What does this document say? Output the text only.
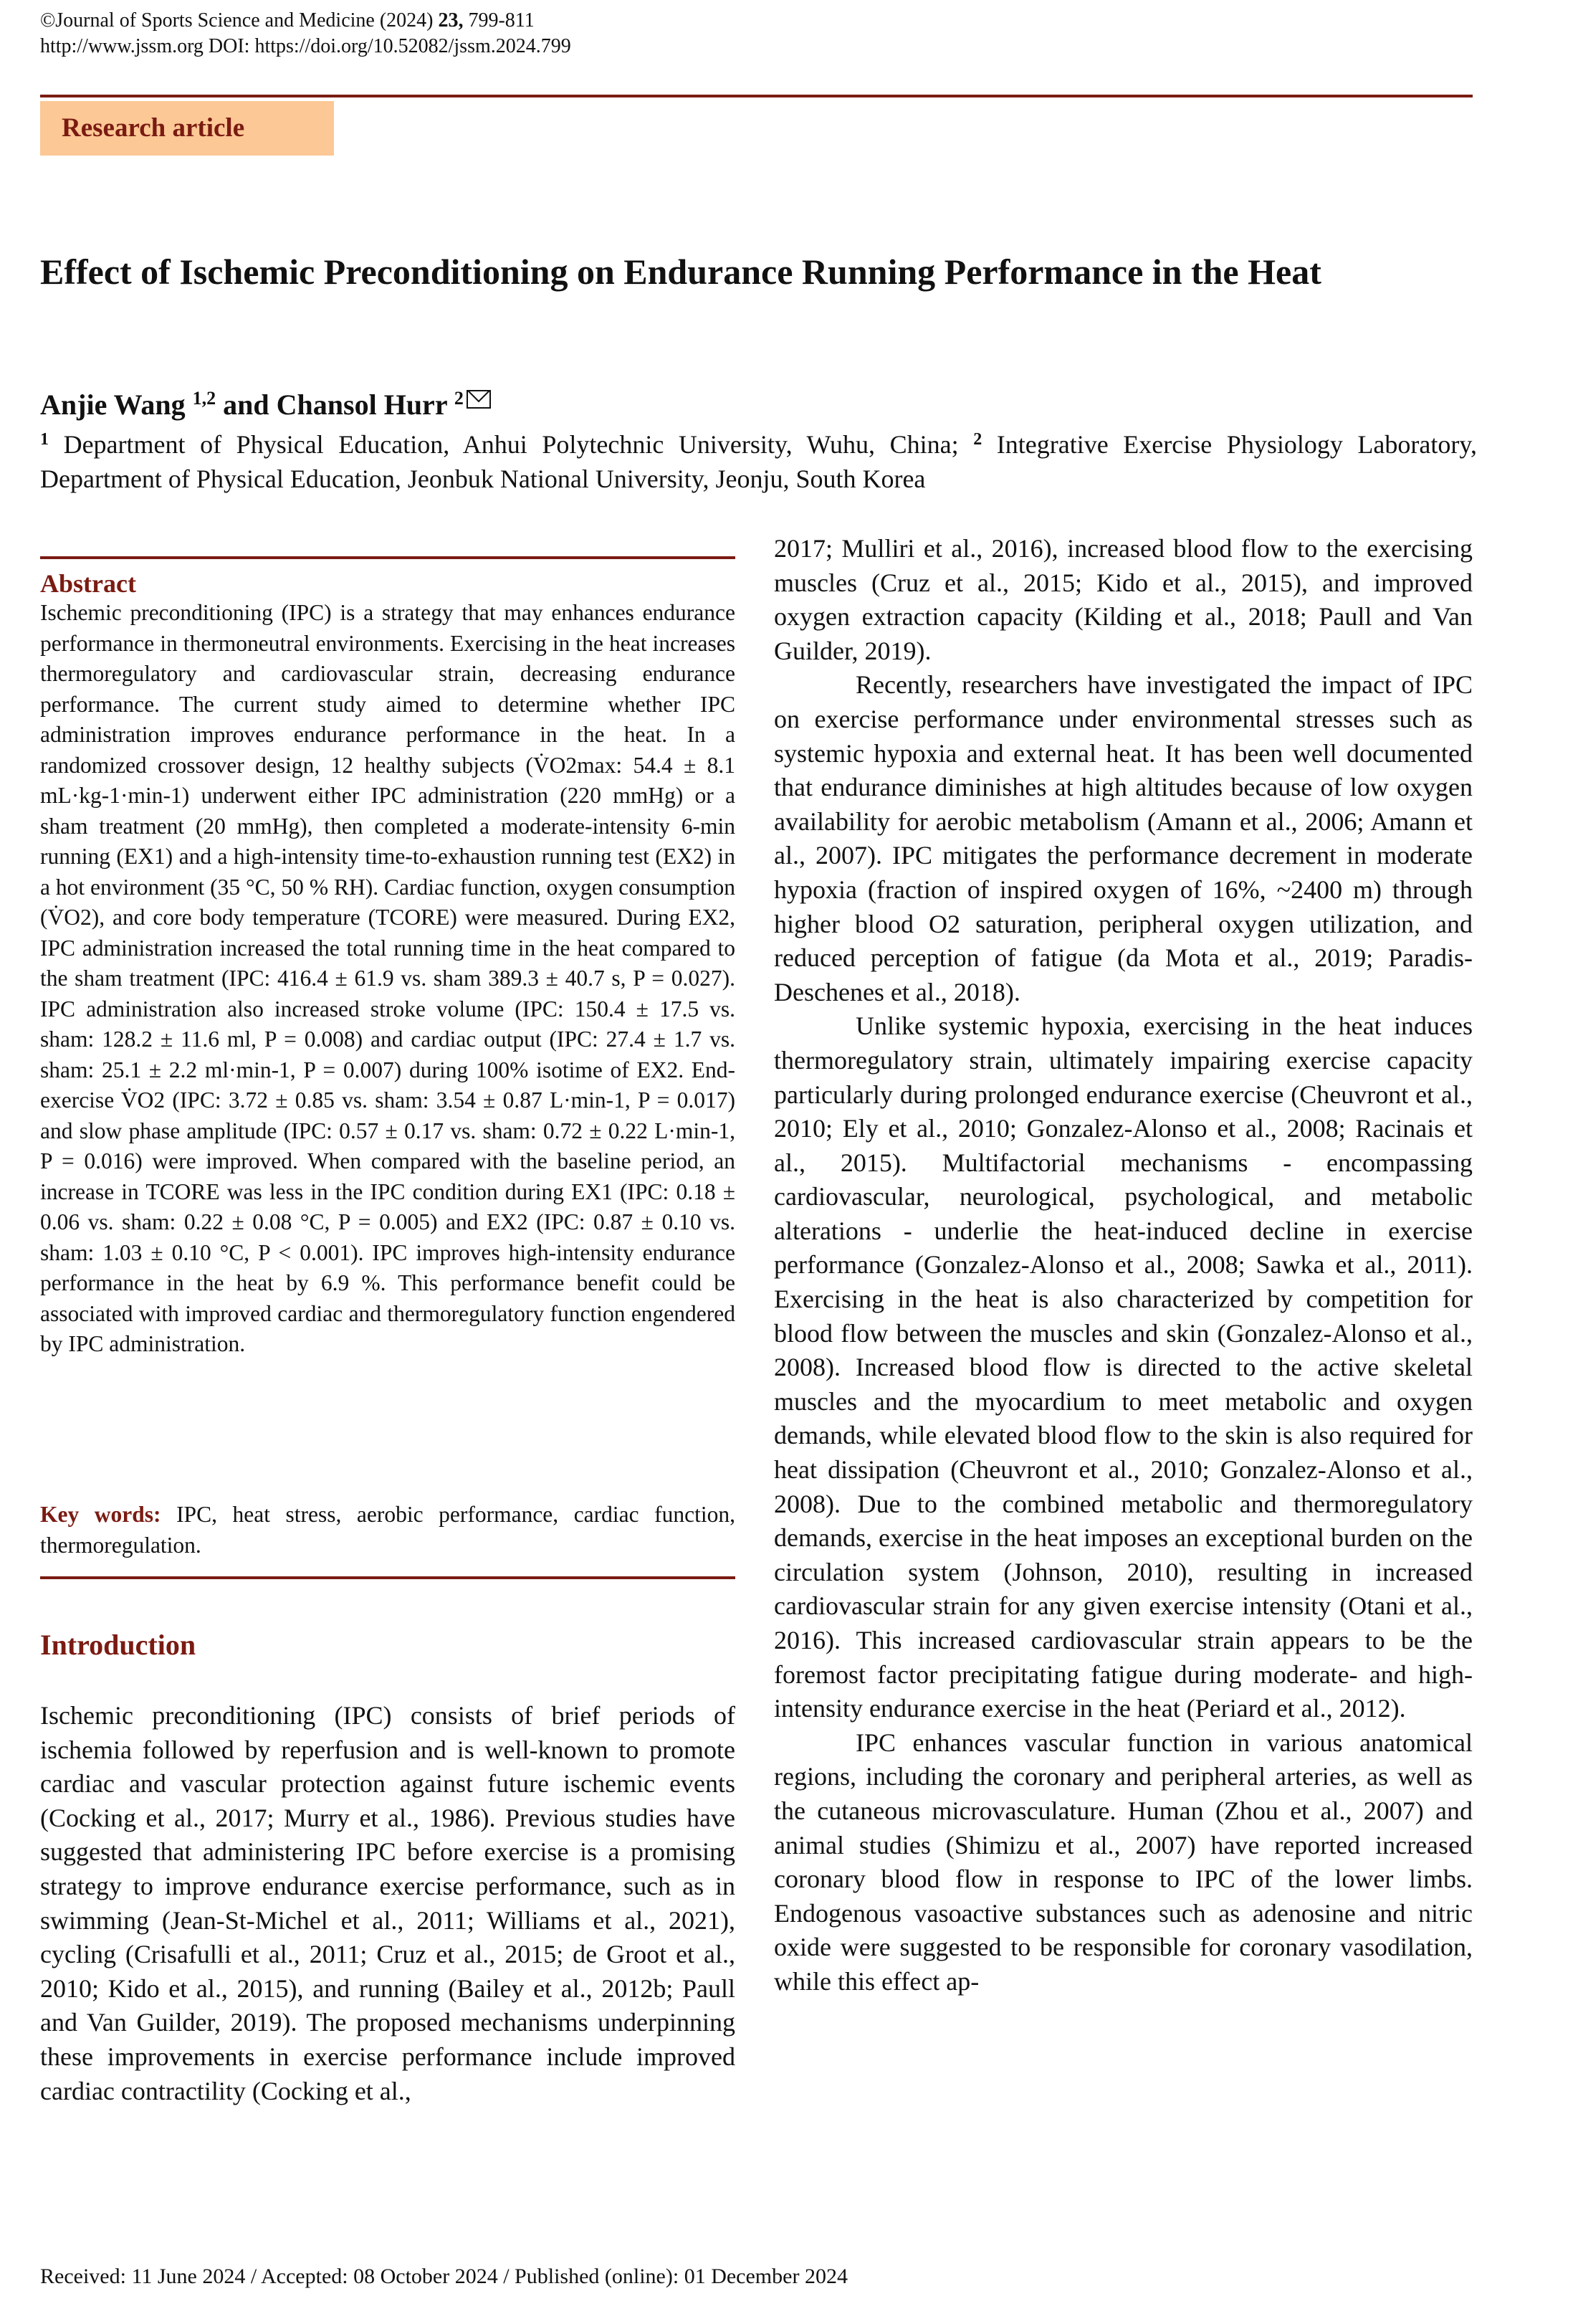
©Journal of Sports Science and Medicine (2024) 23, 799-811
http://www.jssm.org DOI: https://doi.org/10.52082/jssm.2024.799
Research article
Effect of Ischemic Preconditioning on Endurance Running Performance in the Heat
Anjie Wang $^{1,2}$ and Chansol Hurr $^2$
$^1$ Department of Physical Education, Anhui Polytechnic University, Wuhu, China; $^2$ Integrative Exercise Physiology Laboratory, Department of Physical Education, Jeonbuk National University, Jeonju, South Korea
Abstract
Ischemic preconditioning (IPC) is a strategy that may enhances endurance performance in thermoneutral environments. Exercising in the heat increases thermoregulatory and cardiovascular strain, decreasing endurance performance. The current study aimed to determine whether IPC administration improves endurance performance in the heat. In a randomized crossover design, 12 healthy subjects (V̇O2max: 54.4 ± 8.1 mL·kg-1·min-1) underwent either IPC administration (220 mmHg) or a sham treatment (20 mmHg), then completed a moderate-intensity 6-min running (EX1) and a high-intensity time-to-exhaustion running test (EX2) in a hot environment (35 °C, 50 % RH). Cardiac function, oxygen consumption (V̇O2), and core body temperature (TCORE) were measured. During EX2, IPC administration increased the total running time in the heat compared to the sham treatment (IPC: 416.4 ± 61.9 vs. sham 389.3 ± 40.7 s, P = 0.027). IPC administration also increased stroke volume (IPC: 150.4 ± 17.5 vs. sham: 128.2 ± 11.6 ml, P = 0.008) and cardiac output (IPC: 27.4 ± 1.7 vs. sham: 25.1 ± 2.2 ml·min-1, P = 0.007) during 100% isotime of EX2. End-exercise V̇O2 (IPC: 3.72 ± 0.85 vs. sham: 3.54 ± 0.87 L·min-1, P = 0.017) and slow phase amplitude (IPC: 0.57 ± 0.17 vs. sham: 0.72 ± 0.22 L·min-1, P = 0.016) were improved. When compared with the baseline period, an increase in TCORE was less in the IPC condition during EX1 (IPC: 0.18 ± 0.06 vs. sham: 0.22 ± 0.08 °C, P = 0.005) and EX2 (IPC: 0.87 ± 0.10 vs. sham: 1.03 ± 0.10 °C, P < 0.001). IPC improves high-intensity endurance performance in the heat by 6.9 %. This performance benefit could be associated with improved cardiac and thermoregulatory function engendered by IPC administration.
Key words: IPC, heat stress, aerobic performance, cardiac function, thermoregulation.
Introduction

Ischemic preconditioning (IPC) consists of brief periods of ischemia followed by reperfusion and is well-known to promote cardiac and vascular protection against future ischemic events (Cocking et al., 2017; Murry et al., 1986). Previous studies have suggested that administering IPC before exercise is a promising strategy to improve endurance exercise performance, such as in swimming (Jean-St-Michel et al., 2011; Williams et al., 2021), cycling (Crisafulli et al., 2011; Cruz et al., 2015; de Groot et al., 2010; Kido et al., 2015), and running (Bailey et al., 2012b; Paull and Van Guilder, 2019). The proposed mechanisms underpinning these improvements in exercise performance include improved cardiac contractility (Cocking et al.,

2017; Mulliri et al., 2016), increased blood flow to the exercising muscles (Cruz et al., 2015; Kido et al., 2015), and improved oxygen extraction capacity (Kilding et al., 2018; Paull and Van Guilder, 2019).

Recently, researchers have investigated the impact of IPC on exercise performance under environmental stresses such as systemic hypoxia and external heat. It has been well documented that endurance diminishes at high altitudes because of low oxygen availability for aerobic metabolism (Amann et al., 2006; Amann et al., 2007). IPC mitigates the performance decrement in moderate hypoxia (fraction of inspired oxygen of 16%, ~2400 m) through higher blood O2 saturation, peripheral oxygen utilization, and reduced perception of fatigue (da Mota et al., 2019; Paradis-Deschenes et al., 2018).

Unlike systemic hypoxia, exercising in the heat induces thermoregulatory strain, ultimately impairing exercise capacity particularly during prolonged endurance exercise (Cheuvront et al., 2010; Ely et al., 2010; Gonzalez-Alonso et al., 2008; Racinais et al., 2015). Multifactorial mechanisms - encompassing cardiovascular, neurological, psychological, and metabolic alterations - underlie the heat-induced decline in exercise performance (Gonzalez-Alonso et al., 2008; Sawka et al., 2011). Exercising in the heat is also characterized by competition for blood flow between the muscles and skin (Gonzalez-Alonso et al., 2008). Increased blood flow is directed to the active skeletal muscles and the myocardium to meet metabolic and oxygen demands, while elevated blood flow to the skin is also required for heat dissipation (Cheuvront et al., 2010; Gonzalez-Alonso et al., 2008). Due to the combined metabolic and thermoregulatory demands, exercise in the heat imposes an exceptional burden on the circulation system (Johnson, 2010), resulting in increased cardiovascular strain for any given exercise intensity (Otani et al., 2016). This increased cardiovascular strain appears to be the foremost factor precipitating fatigue during moderate- and high-intensity endurance exercise in the heat (Periard et al., 2012).

IPC enhances vascular function in various anatomical regions, including the coronary and peripheral arteries, as well as the cutaneous microvasculature. Human (Zhou et al., 2007) and animal studies (Shimizu et al., 2007) have reported increased coronary blood flow in response to IPC of the lower limbs. Endogenous vasoactive substances such as adenosine and nitric oxide were suggested to be responsible for coronary vasodilation, while this effect ap-

Received: 11 June 2024 / Accepted: 08 October 2024 / Published (online): 01 December 2024
